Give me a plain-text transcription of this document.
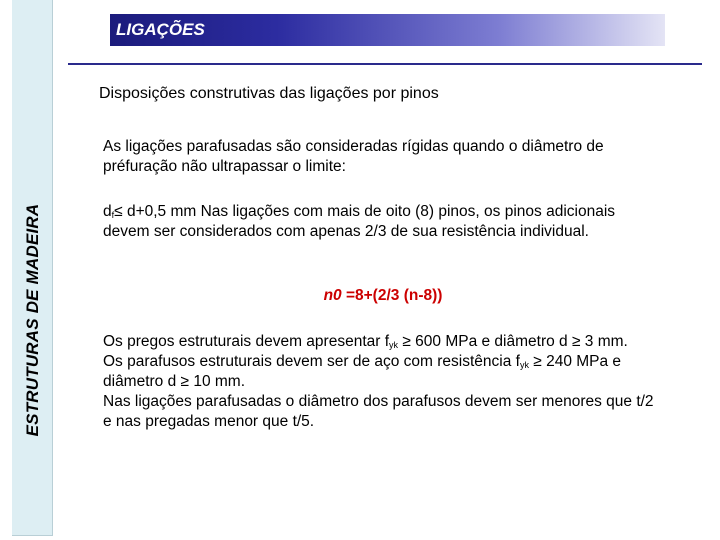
ESTRUTURAS DE MADEIRA
LIGAÇÕES
Disposições construtivas das ligações por pinos
As ligações parafusadas são consideradas rígidas quando o diâmetro de préfuração não ultrapassar o limite:
$d_f\le d+0,5$ mm Nas ligações com mais de oito (8) pinos, os pinos adicionais devem ser considerados com apenas 2/3 de sua resistência individual.
n0 =8+(2/3 (n-8))
Os pregos estruturais devem apresentar $f_{yk} \ge 600$ MPa e diâmetro d ≥ 3 mm.
Os parafusos estruturais devem ser de aço com resistência $f_{yk} \ge 240$ MPa e diâmetro d ≥ 10 mm.
Nas ligações parafusadas o diâmetro dos parafusos devem ser menores que t/2 e nas pregadas menor que t/5.
